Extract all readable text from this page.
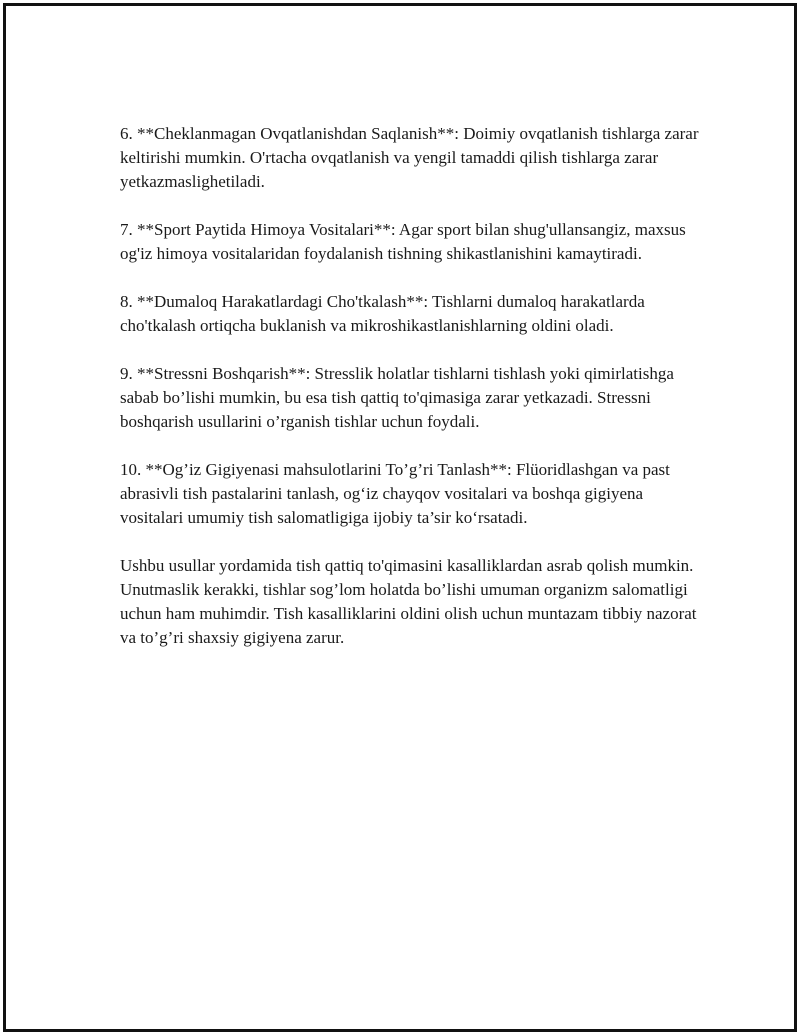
6. **Cheklanmagan Ovqatlanishdan Saqlanish**: Doimiy ovqatlanish tishlarga zarar keltirishi mumkin. O'rtacha ovqatlanish va yengil tamaddi qilish tishlarga zarar yetkazmaslighetiladi.

7. **Sport Paytida Himoya Vositalari**: Agar sport bilan shug'ullansangiz, maxsus og'iz himoya vositalaridan foydalanish tishning shikastlanishini kamaytiradi.

8. **Dumaloq Harakatlardagi Cho'tkalash**: Tishlarni dumaloq harakatlarda cho'tkalash ortiqcha buklanish va mikroshikastlanishlarning oldini oladi.

9. **Stressni Boshqarish**: Stresslik holatlar tishlarni tishlash yoki qimirlatishga sabab bo’lishi mumkin, bu esa tish qattiq to'qimasiga zarar yetkazadi. Stressni boshqarish usullarini o’rganish tishlar uchun foydali.

10. **Og’iz Gigiyenasi mahsulotlarini To’g’ri Tanlash**: Flüoridlashgan va past abrasivli tish pastalarini tanlash, og‘iz chayqov vositalari va boshqa gigiyena vositalari umumiy tish salomatligiga ijobiy ta’sir ko‘rsatadi.

Ushbu usullar yordamida tish qattiq to'qimasini kasalliklardan asrab qolish mumkin. Unutmaslik kerakki, tishlar sog’lom holatda bo’lishi umuman organizm salomatligi uchun ham muhimdir. Tish kasalliklarini oldini olish uchun muntazam tibbiy nazorat va to’g’ri shaxsiy gigiyena zarur.
